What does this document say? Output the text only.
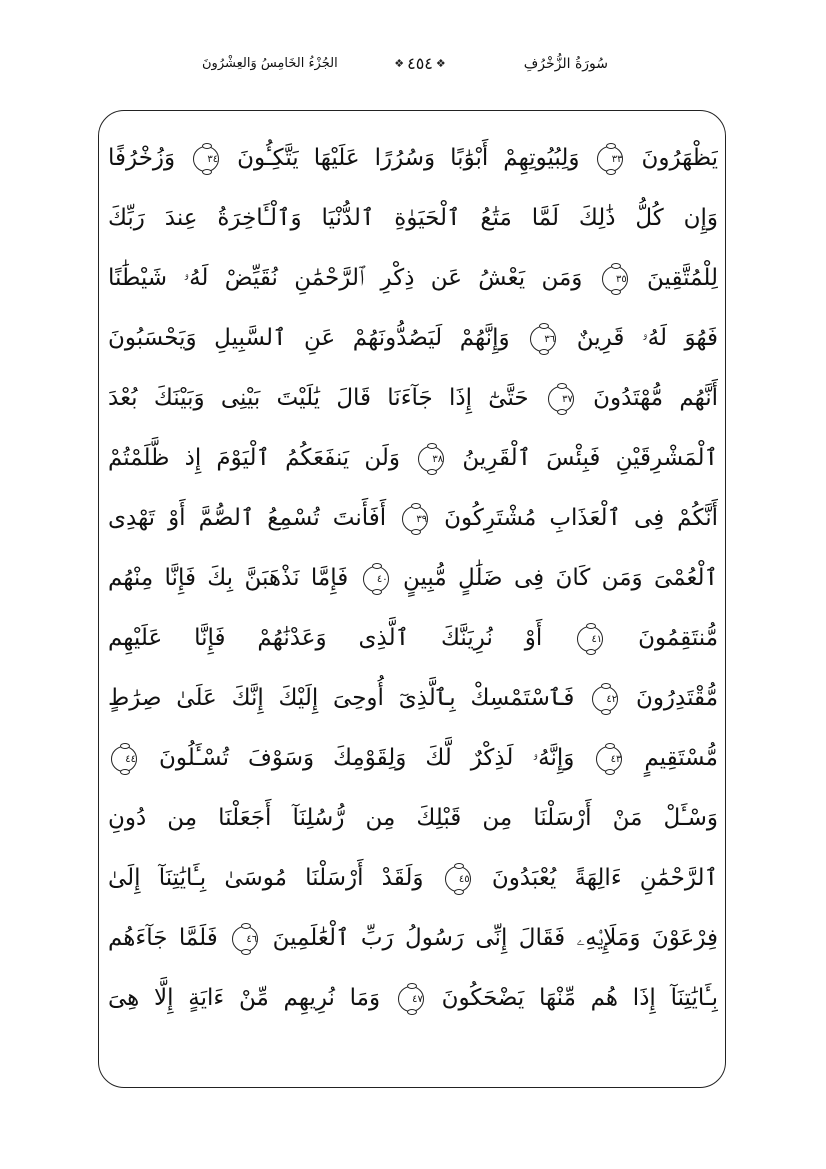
سُورَةُ الزُّخْرُفِ
❖ ٤٥٤ ❖
الجُزْءُ الخَامِسُ وَالعِشْرُونَ
يَظْهَرُونَ ٣٣ وَلِبُيُوتِهِمْ أَبْوَٰبًا وَسُرُرًا عَلَيْهَا يَتَّكِـُٔونَ ٣٤ وَزُخْرُفًا
وَإِن كُلُّ ذَٰلِكَ لَمَّا مَتَٰعُ ٱلْحَيَوٰةِ ٱلدُّنْيَا وَٱلْـَٔاخِرَةُ عِندَ رَبِّكَ
لِلْمُتَّقِينَ ٣٥ وَمَن يَعْشُ عَن ذِكْرِ ٱلرَّحْمَٰنِ نُقَيِّضْ لَهُۥ شَيْطَٰنًا
فَهُوَ لَهُۥ قَرِينٌ ٣٦ وَإِنَّهُمْ لَيَصُدُّونَهُمْ عَنِ ٱلسَّبِيلِ وَيَحْسَبُونَ
أَنَّهُم مُّهْتَدُونَ ٣٧ حَتَّىٰٓ إِذَا جَآءَنَا قَالَ يَٰلَيْتَ بَيْنِى وَبَيْنَكَ بُعْدَ
ٱلْمَشْرِقَيْنِ فَبِئْسَ ٱلْقَرِينُ ٣٨ وَلَن يَنفَعَكُمُ ٱلْيَوْمَ إِذ ظَّلَمْتُمْ
أَنَّكُمْ فِى ٱلْعَذَابِ مُشْتَرِكُونَ ٣٩ أَفَأَنتَ تُسْمِعُ ٱلصُّمَّ أَوْ تَهْدِى
ٱلْعُمْىَ وَمَن كَانَ فِى ضَلَٰلٍ مُّبِينٍ ٤٠ فَإِمَّا نَذْهَبَنَّ بِكَ فَإِنَّا مِنْهُم
مُّنتَقِمُونَ ٤١ أَوْ نُرِيَنَّكَ ٱلَّذِى وَعَدْنَٰهُمْ فَإِنَّا عَلَيْهِم
مُّقْتَدِرُونَ ٤٢ فَٱسْتَمْسِكْ بِٱلَّذِىٓ أُوحِىَ إِلَيْكَ إِنَّكَ عَلَىٰ صِرَٰطٍ
مُّسْتَقِيمٍ ٤٣ وَإِنَّهُۥ لَذِكْرٌ لَّكَ وَلِقَوْمِكَ وَسَوْفَ تُسْـَٔلُونَ ٤٤
وَسْـَٔلْ مَنْ أَرْسَلْنَا مِن قَبْلِكَ مِن رُّسُلِنَآ أَجَعَلْنَا مِن دُونِ
ٱلرَّحْمَٰنِ ءَالِهَةً يُعْبَدُونَ ٤٥ وَلَقَدْ أَرْسَلْنَا مُوسَىٰ بِـَٔايَٰتِنَآ إِلَىٰ
فِرْعَوْنَ وَمَلَإِي۟هِۦ فَقَالَ إِنِّى رَسُولُ رَبِّ ٱلْعَٰلَمِينَ ٤٦ فَلَمَّا جَآءَهُم
بِـَٔايَٰتِنَآ إِذَا هُم مِّنْهَا يَضْحَكُونَ ٤٧ وَمَا نُرِيهِم مِّنْ ءَايَةٍ إِلَّا هِىَ
